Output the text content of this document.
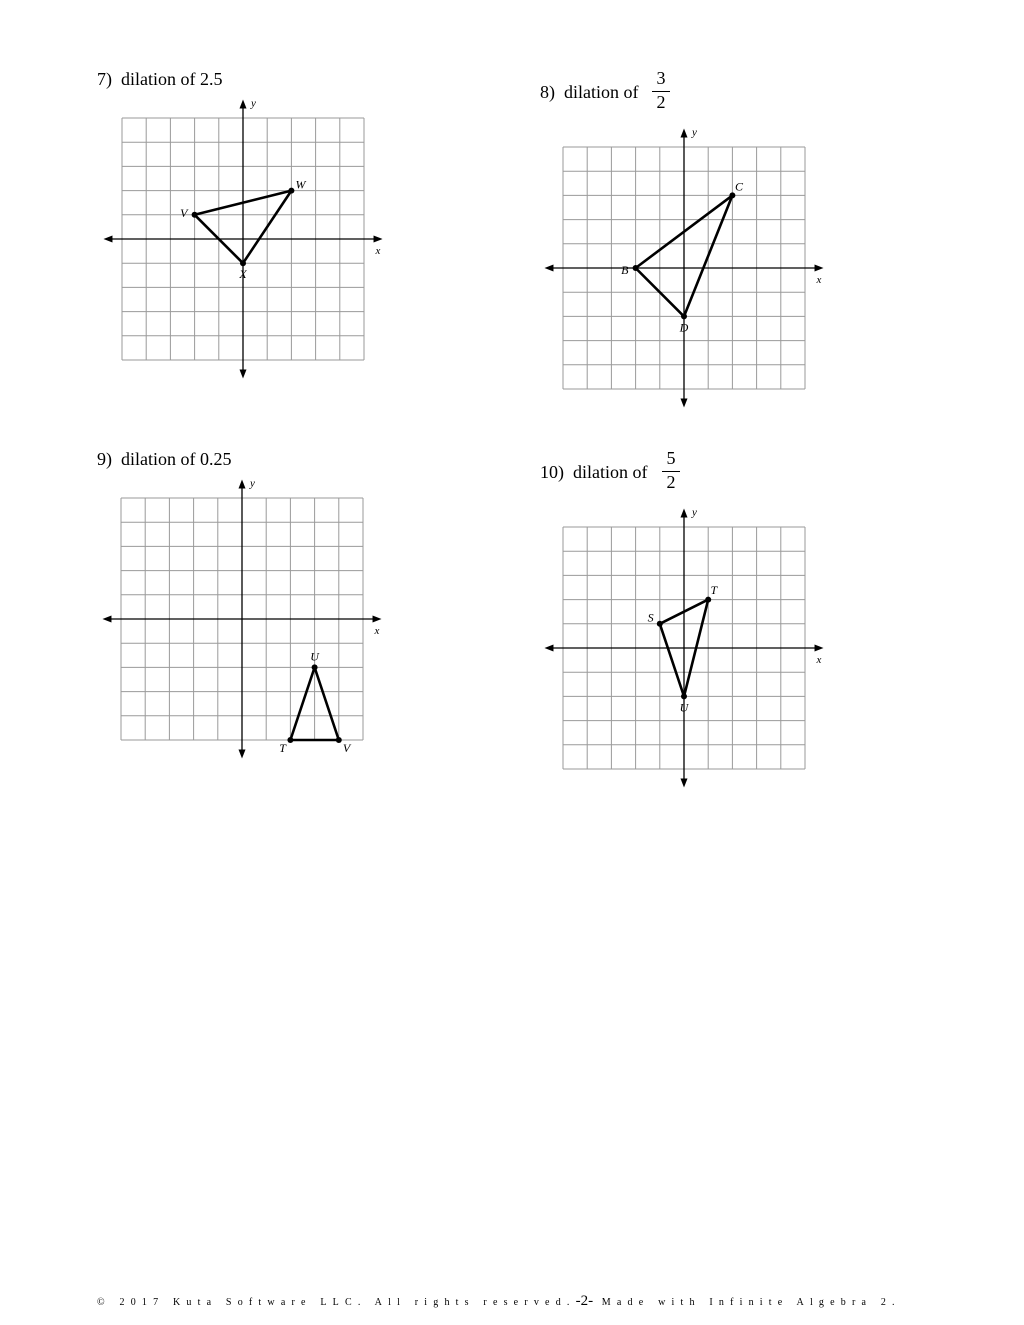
7) dilation of 2.5
x
y
V
W
X
8) dilation of
3
2
x
y
B
C
D
9) dilation of 0.25
x
y
T
U
V
10) dilation of
5
2
x
y
S
T
U
© 2017 Kuta Software LLC. All rights reserved.-2- Made with Infinite Algebra 2.
